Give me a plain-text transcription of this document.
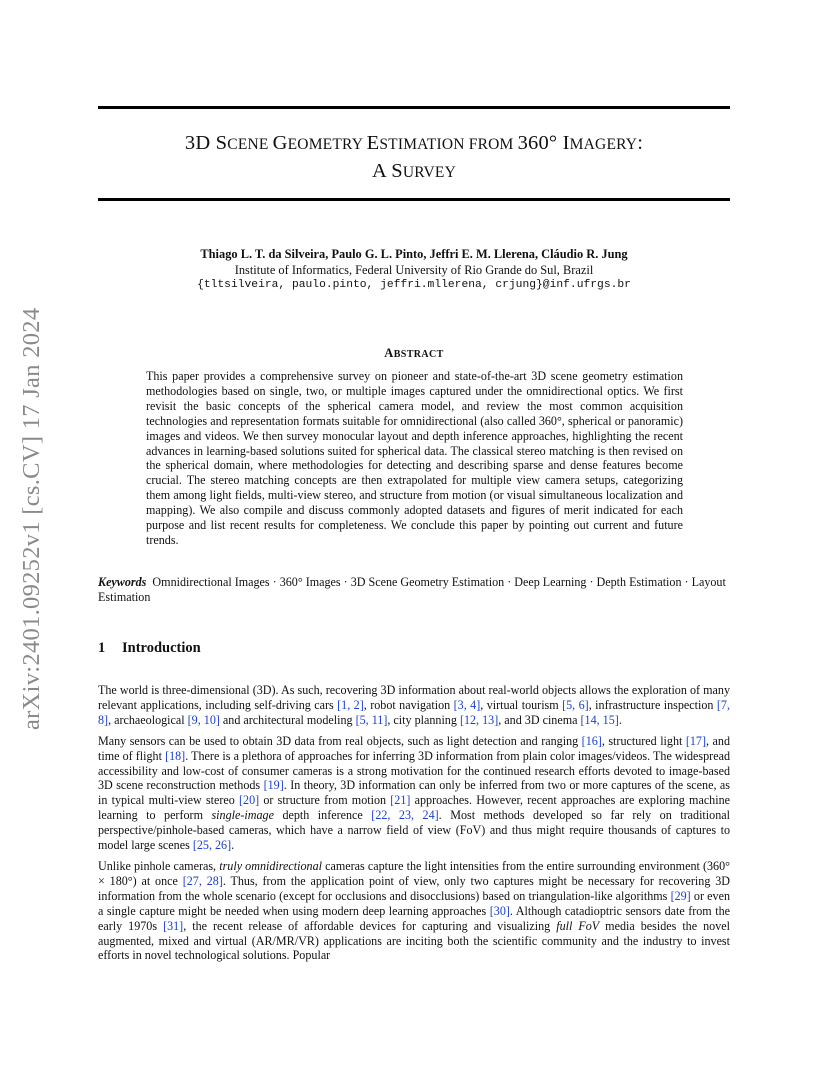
arXiv:2401.09252v1 [cs.CV] 17 Jan 2024
3D SCENE GEOMETRY ESTIMATION FROM 360° IMAGERY:
A SURVEY
Thiago L. T. da Silveira, Paulo G. L. Pinto, Jeffri E. M. Llerena, Cláudio R. Jung
Institute of Informatics, Federal University of Rio Grande do Sul, Brazil
{tltsilveira, paulo.pinto, jeffri.mllerena, crjung}@inf.ufrgs.br
ABSTRACT

This paper provides a comprehensive survey on pioneer and state-of-the-art 3D scene geometry estimation methodologies based on single, two, or multiple images captured under the omnidirectional optics. We first revisit the basic concepts of the spherical camera model, and review the most common acquisition technologies and representation formats suitable for omnidirectional (also called 360°, spherical or panoramic) images and videos. We then survey monocular layout and depth inference approaches, highlighting the recent advances in learning-based solutions suited for spherical data. The classical stereo matching is then revised on the spherical domain, where methodologies for detecting and describing sparse and dense features become crucial. The stereo matching concepts are then extrapolated for multiple view camera setups, categorizing them among light fields, multi-view stereo, and structure from motion (or visual simultaneous localization and mapping). We also compile and discuss commonly adopted datasets and figures of merit indicated for each purpose and list recent results for completeness. We conclude this paper by pointing out current and future trends.

Keywords Omnidirectional Images · 360° Images · 3D Scene Geometry Estimation · Deep Learning · Depth Estimation · Layout Estimation

1 Introduction

The world is three-dimensional (3D). As such, recovering 3D information about real-world objects allows the exploration of many relevant applications, including self-driving cars [1, 2], robot navigation [3, 4], virtual tourism [5, 6], infrastructure inspection [7, 8], archaeological [9, 10] and architectural modeling [5, 11], city planning [12, 13], and 3D cinema [14, 15].

Many sensors can be used to obtain 3D data from real objects, such as light detection and ranging [16], structured light [17], and time of flight [18]. There is a plethora of approaches for inferring 3D information from plain color images/videos. The widespread accessibility and low-cost of consumer cameras is a strong motivation for the continued research efforts devoted to image-based 3D scene reconstruction methods [19]. In theory, 3D information can only be inferred from two or more captures of the scene, as in typical multi-view stereo [20] or structure from motion [21] approaches. However, recent approaches are exploring machine learning to perform single-image depth inference [22, 23, 24]. Most methods developed so far rely on traditional perspective/pinhole-based cameras, which have a narrow field of view (FoV) and thus might require thousands of captures to model large scenes [25, 26].

Unlike pinhole cameras, truly omnidirectional cameras capture the light intensities from the entire surrounding environment (360° × 180°) at once [27, 28]. Thus, from the application point of view, only two captures might be necessary for recovering 3D information from the whole scenario (except for occlusions and disocclusions) based on triangulation-like algorithms [29] or even a single capture might be needed when using modern deep learning approaches [30]. Although catadioptric sensors date from the early 1970s [31], the recent release of affordable devices for capturing and visualizing full FoV media besides the novel augmented, mixed and virtual (AR/MR/VR) applications are inciting both the scientific community and the industry to invest efforts in novel technological solutions. Popular
